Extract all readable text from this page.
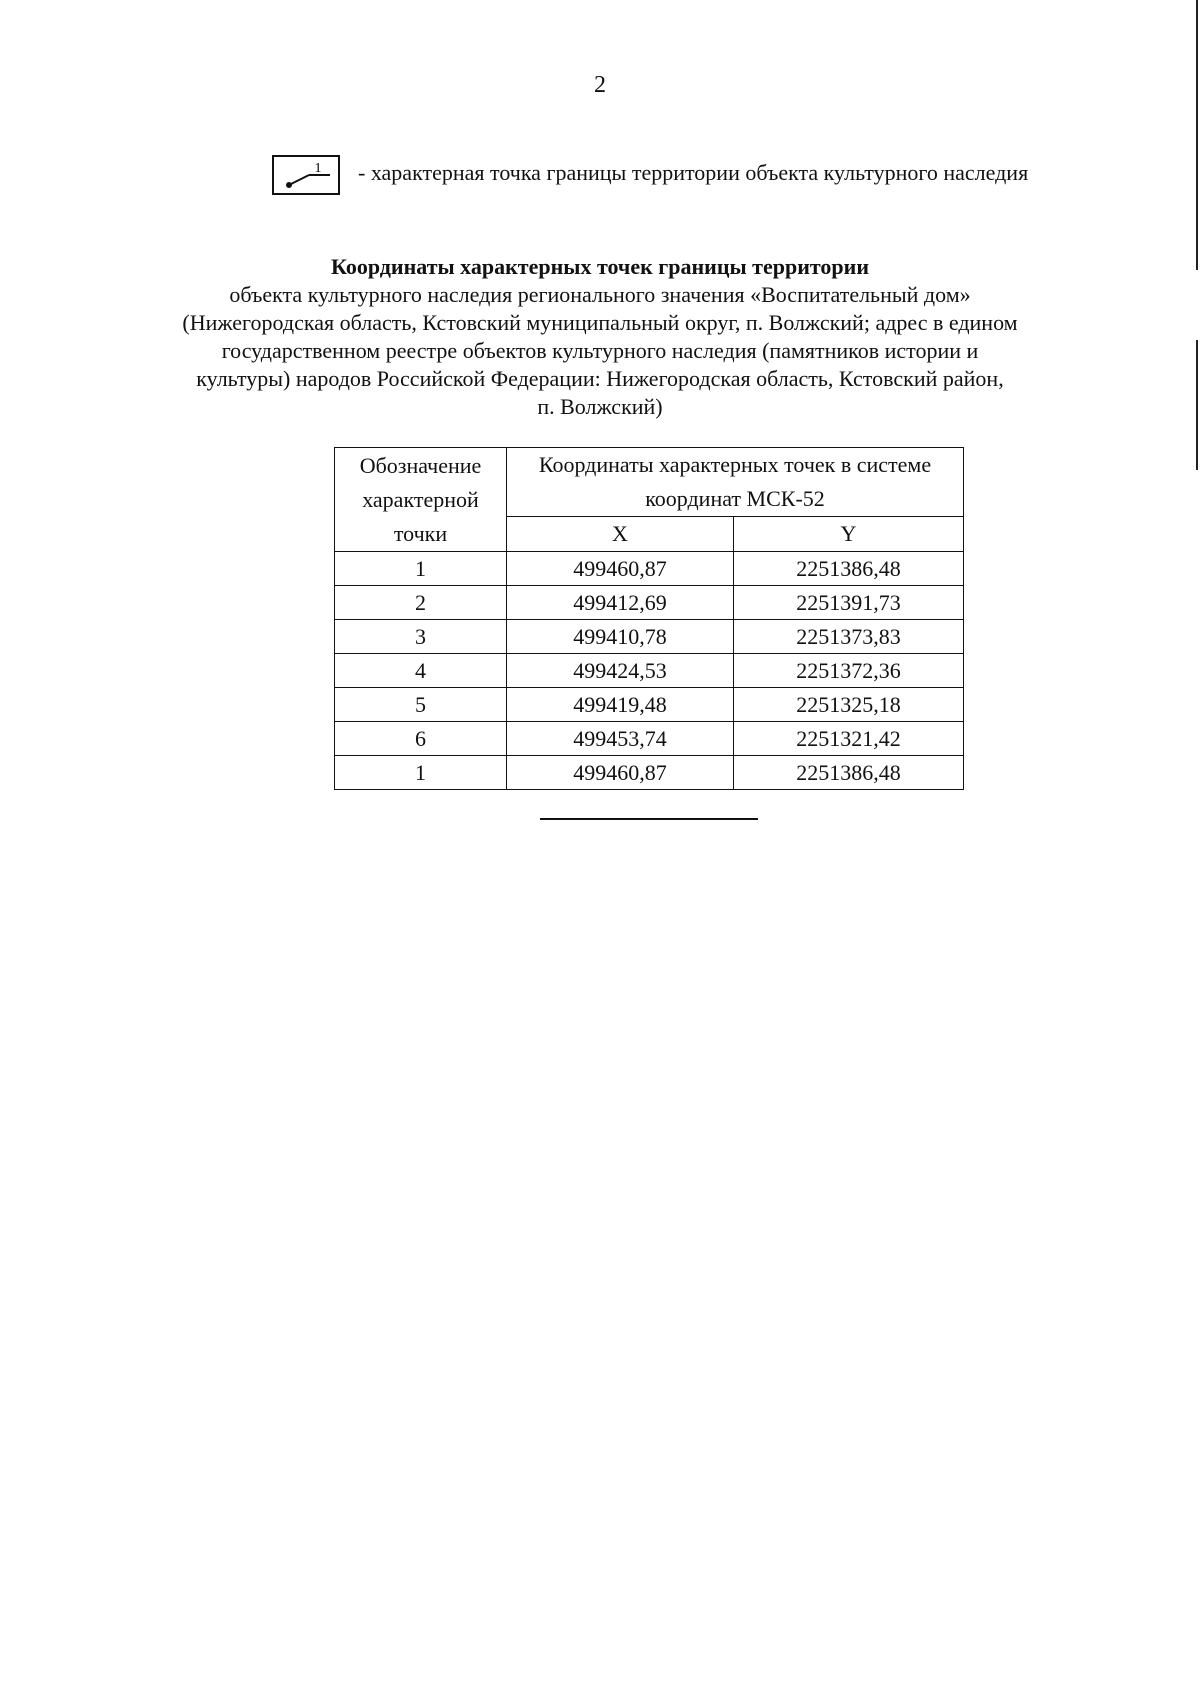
2
1 - характерная точка границы территории объекта культурного наследия
Координаты характерных точек границы территории
объекта культурного наследия регионального значения «Воспитательный дом»
(Нижегородская область, Кстовский муниципальный округ, п. Волжский; адрес в едином
государственном реестре объектов культурного наследия (памятников истории и
культуры) народов Российской Федерации: Нижегородская область, Кстовский район,
п. Волжский)
Обозначение характерной точки	Координаты характерных точек в системе координат МСК-52	
	X	Y
1	499460,87	2251386,48
2	499412,69	2251391,73
3	499410,78	2251373,83
4	499424,53	2251372,36
5	499419,48	2251325,18
6	499453,74	2251321,42
1	499460,87	2251386,48
